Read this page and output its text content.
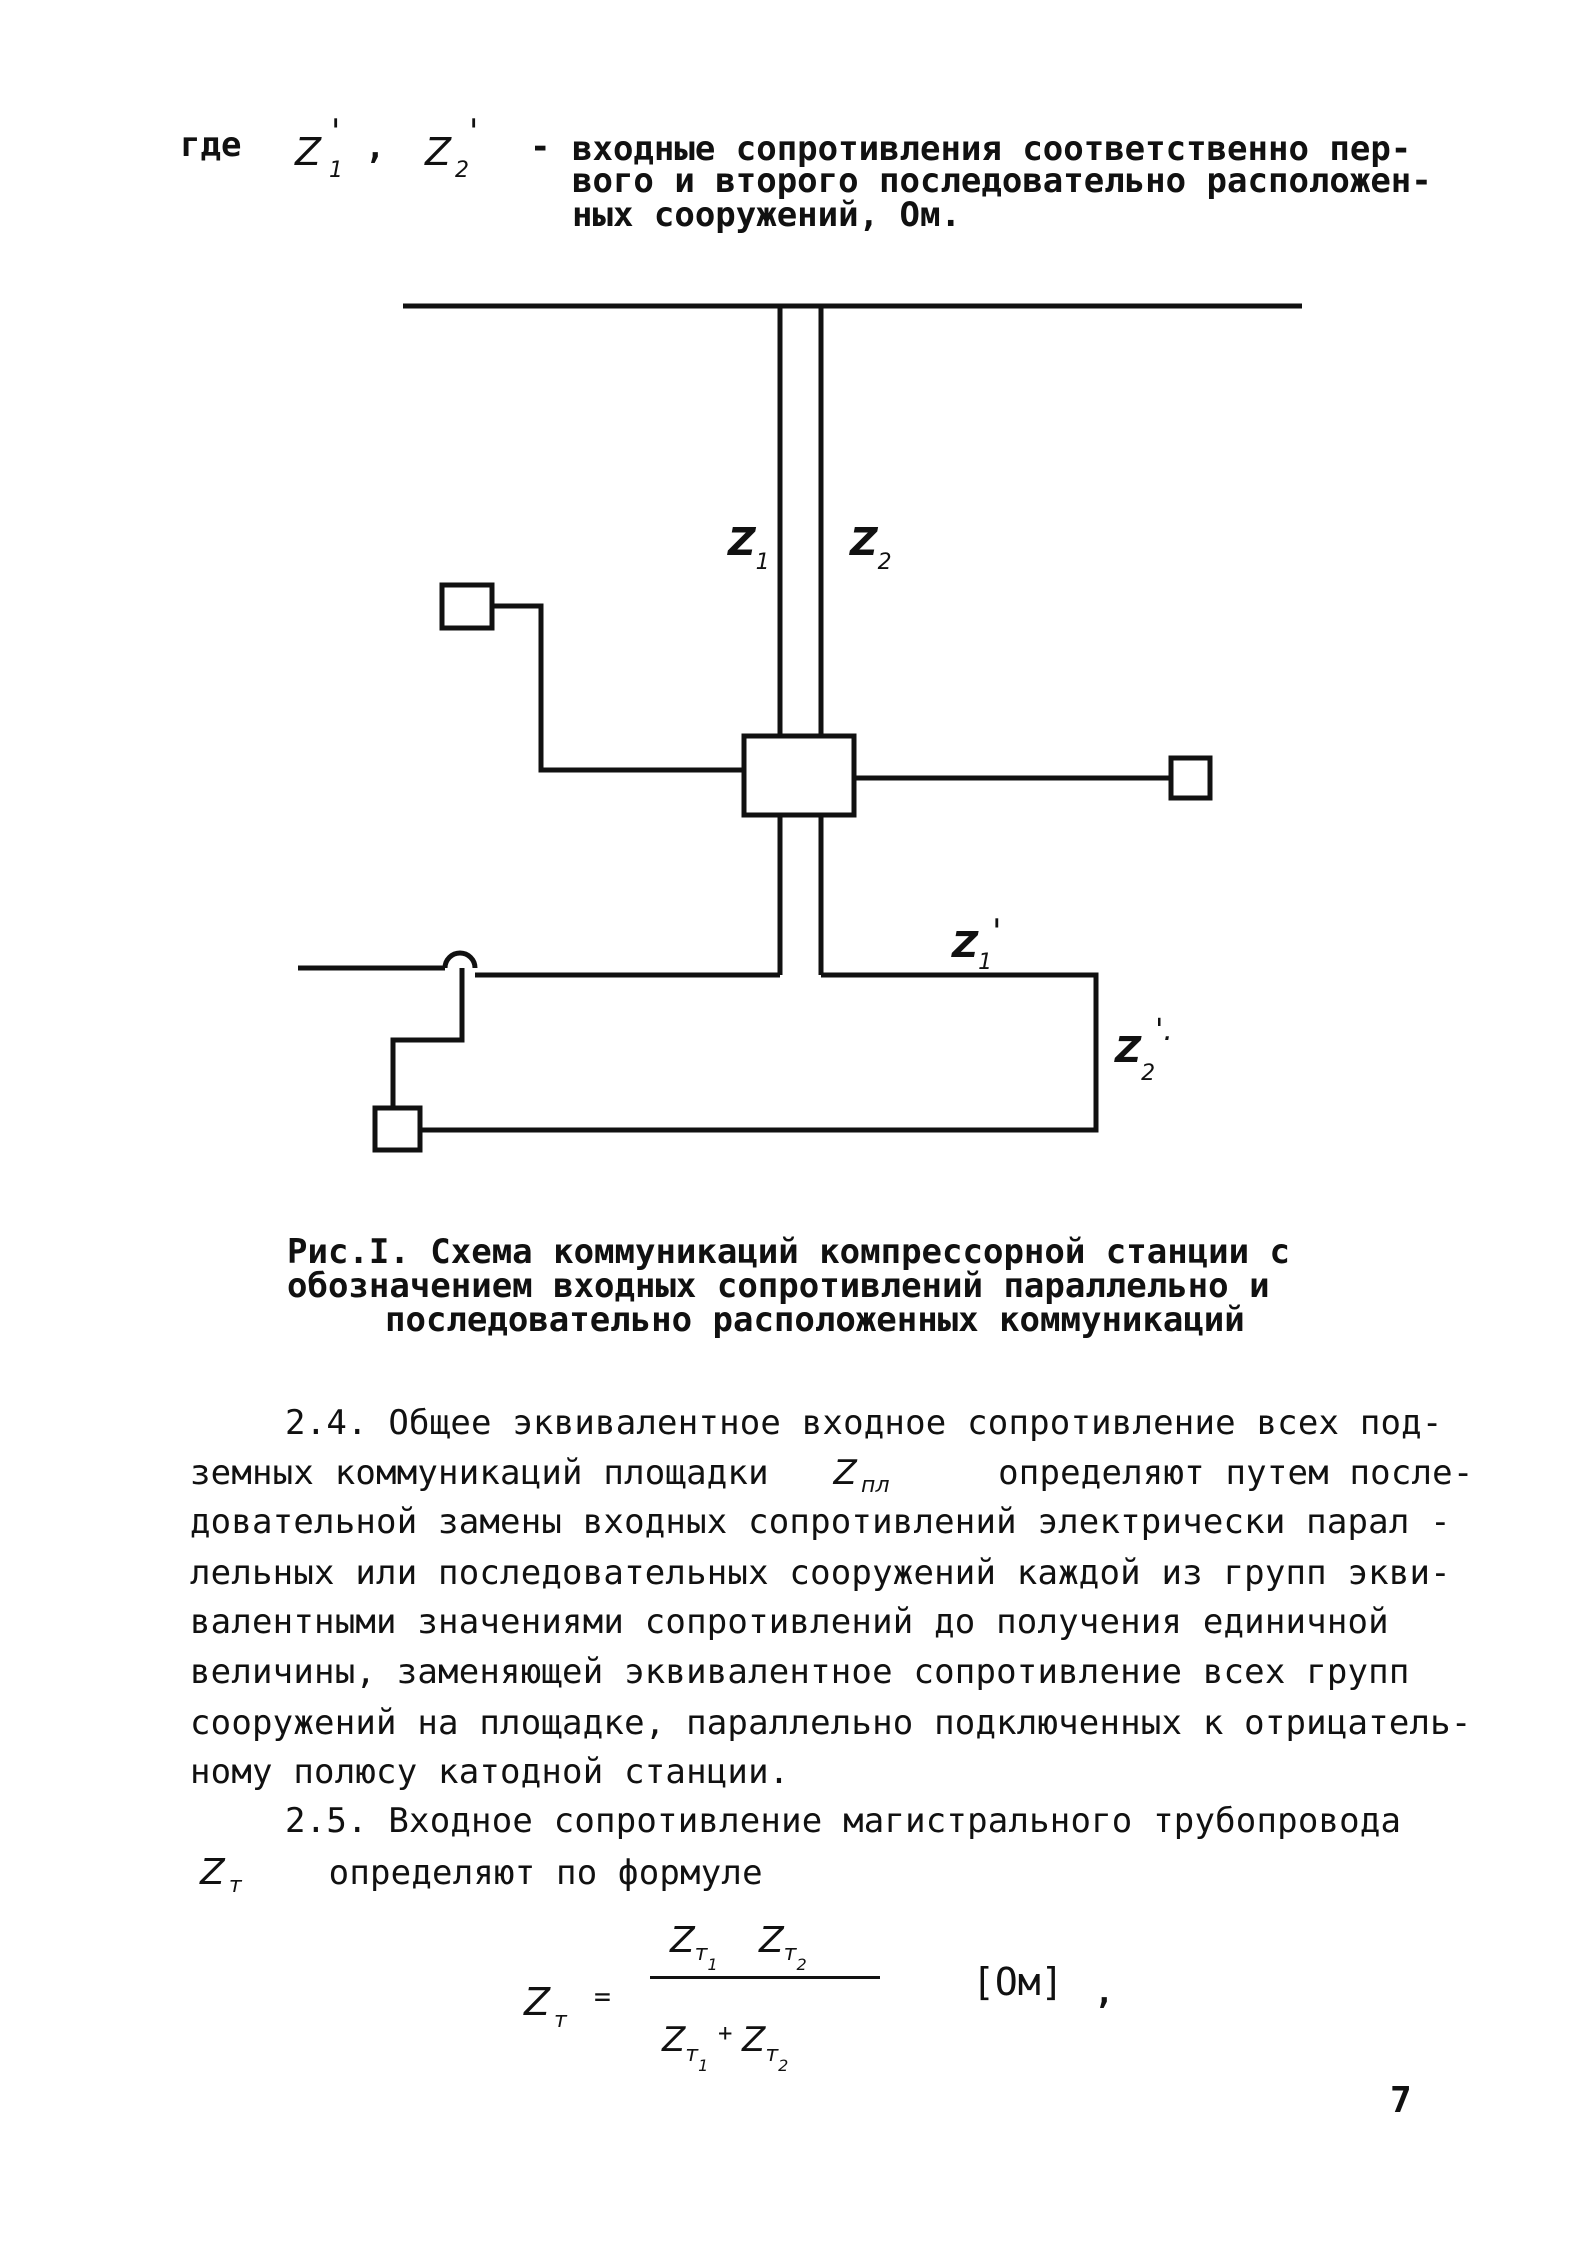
где Z 1
' , Z 2
' - входные сопротивления соответственно пер-
вого и второго последовательно расположен-
ных сооружений, Ом.
Z1 Z2
Z1'
Z2'.
Рис.I. Схема коммуникаций компрессорной станции с
обозначением входных сопротивлений параллельно и
последовательно расположенных коммуникаций
2.4. Общее эквивалентное входное сопротивление всех под-
земных коммуникаций площадки Z $_{пл}$	определяют путем после-
довательной замены входных сопротивлений электрически парал -
лельных или последовательных сооружений каждой из групп экви-
валентными значениями сопротивлений до получения единичной
величины, заменяющей эквивалентное сопротивление всех групп
сооружений на площадке, параллельно подключенных к отрицатель-
ному полюсу катодной станции.
2.5. Входное сопротивление магистрального трубопровода
Z $_т$	определяют по формуле
Zт
=
Zт1  Zт2
Zт1 + Zт2
[Ом] ,
7
